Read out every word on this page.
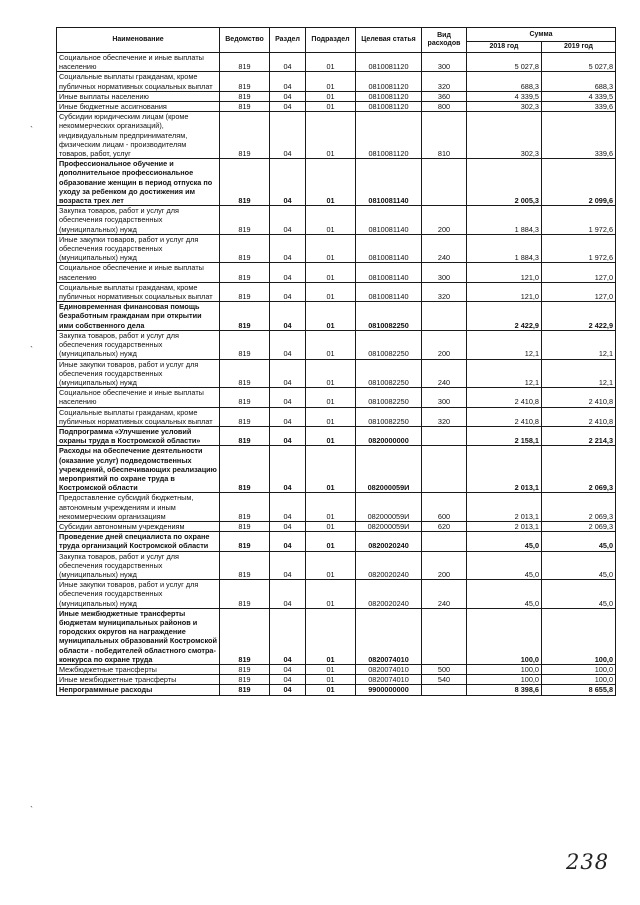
Наименование	Ведомство	Раздел	Подраздел	Целевая статья	Вид расходов	Сумма	
						2018 год	2019 год
Социальное обеспечение и иные выплаты населению	819	04	01	0810081120	300	5 027,8	5 027,8
Социальные выплаты гражданам, кроме публичных нормативных социальных выплат	819	04	01	0810081120	320	688,3	688,3
Иные выплаты населению	819	04	01	0810081120	360	4 339,5	4 339,5
Иные бюджетные ассигнования	819	04	01	0810081120	800	302,3	339,6
Субсидии юридическим лицам (кроме некоммерческих организаций), индивидуальным предпринимателям, физическим лицам - производителям товаров, работ, услуг	819	04	01	0810081120	810	302,3	339,6
Профессиональное обучение и дополнительное профессиональное образование женщин в период отпуска по уходу за ребенком до достижения им возраста трех лет	819	04	01	0810081140		2 005,3	2 099,6
Закупка товаров, работ и услуг для обеспечения государственных (муниципальных) нужд	819	04	01	0810081140	200	1 884,3	1 972,6
Иные закупки товаров, работ и услуг для обеспечения государственных (муниципальных) нужд	819	04	01	0810081140	240	1 884,3	1 972,6
Социальное обеспечение и иные выплаты населению	819	04	01	0810081140	300	121,0	127,0
Социальные выплаты гражданам, кроме публичных нормативных социальных выплат	819	04	01	0810081140	320	121,0	127,0
Единовременная финансовая помощь безработным гражданам при открытии ими собственного дела	819	04	01	0810082250		2 422,9	2 422,9
Закупка товаров, работ и услуг для обеспечения государственных (муниципальных) нужд	819	04	01	0810082250	200	12,1	12,1
Иные закупки товаров, работ и услуг для обеспечения государственных (муниципальных) нужд	819	04	01	0810082250	240	12,1	12,1
Социальное обеспечение и иные выплаты населению	819	04	01	0810082250	300	2 410,8	2 410,8
Социальные выплаты гражданам, кроме публичных нормативных социальных выплат	819	04	01	0810082250	320	2 410,8	2 410,8
Подпрограмма «Улучшение условий охраны труда в Костромской области»	819	04	01	0820000000		2 158,1	2 214,3
Расходы на обеспечение деятельности (оказание услуг) подведомственных учреждений, обеспечивающих реализацию мероприятий по охране труда в Костромской области	819	04	01	082000059И		2 013,1	2 069,3
Предоставление субсидий бюджетным, автономным учреждениям и иным некоммерческим организациям	819	04	01	082000059И	600	2 013,1	2 069,3
Субсидии автономным учреждениям	819	04	01	082000059И	620	2 013,1	2 069,3
Проведение дней специалиста по охране труда организаций Костромской области	819	04	01	0820020240		45,0	45,0
Закупка товаров, работ и услуг для обеспечения государственных (муниципальных) нужд	819	04	01	0820020240	200	45,0	45,0
Иные закупки товаров, работ и услуг для обеспечения государственных (муниципальных) нужд	819	04	01	0820020240	240	45,0	45,0
Иные межбюджетные трансферты бюджетам муниципальных районов и городских округов на награждение муниципальных образований Костромской области - победителей областного смотра-конкурса по охране труда	819	04	01	0820074010		100,0	100,0
Межбюджетные трансферты	819	04	01	0820074010	500	100,0	100,0
Иные межбюджетные трансферты	819	04	01	0820074010	540	100,0	100,0
Непрограммные расходы	819	04	01	9900000000		8 398,6	8 655,8
`
`
`
238
